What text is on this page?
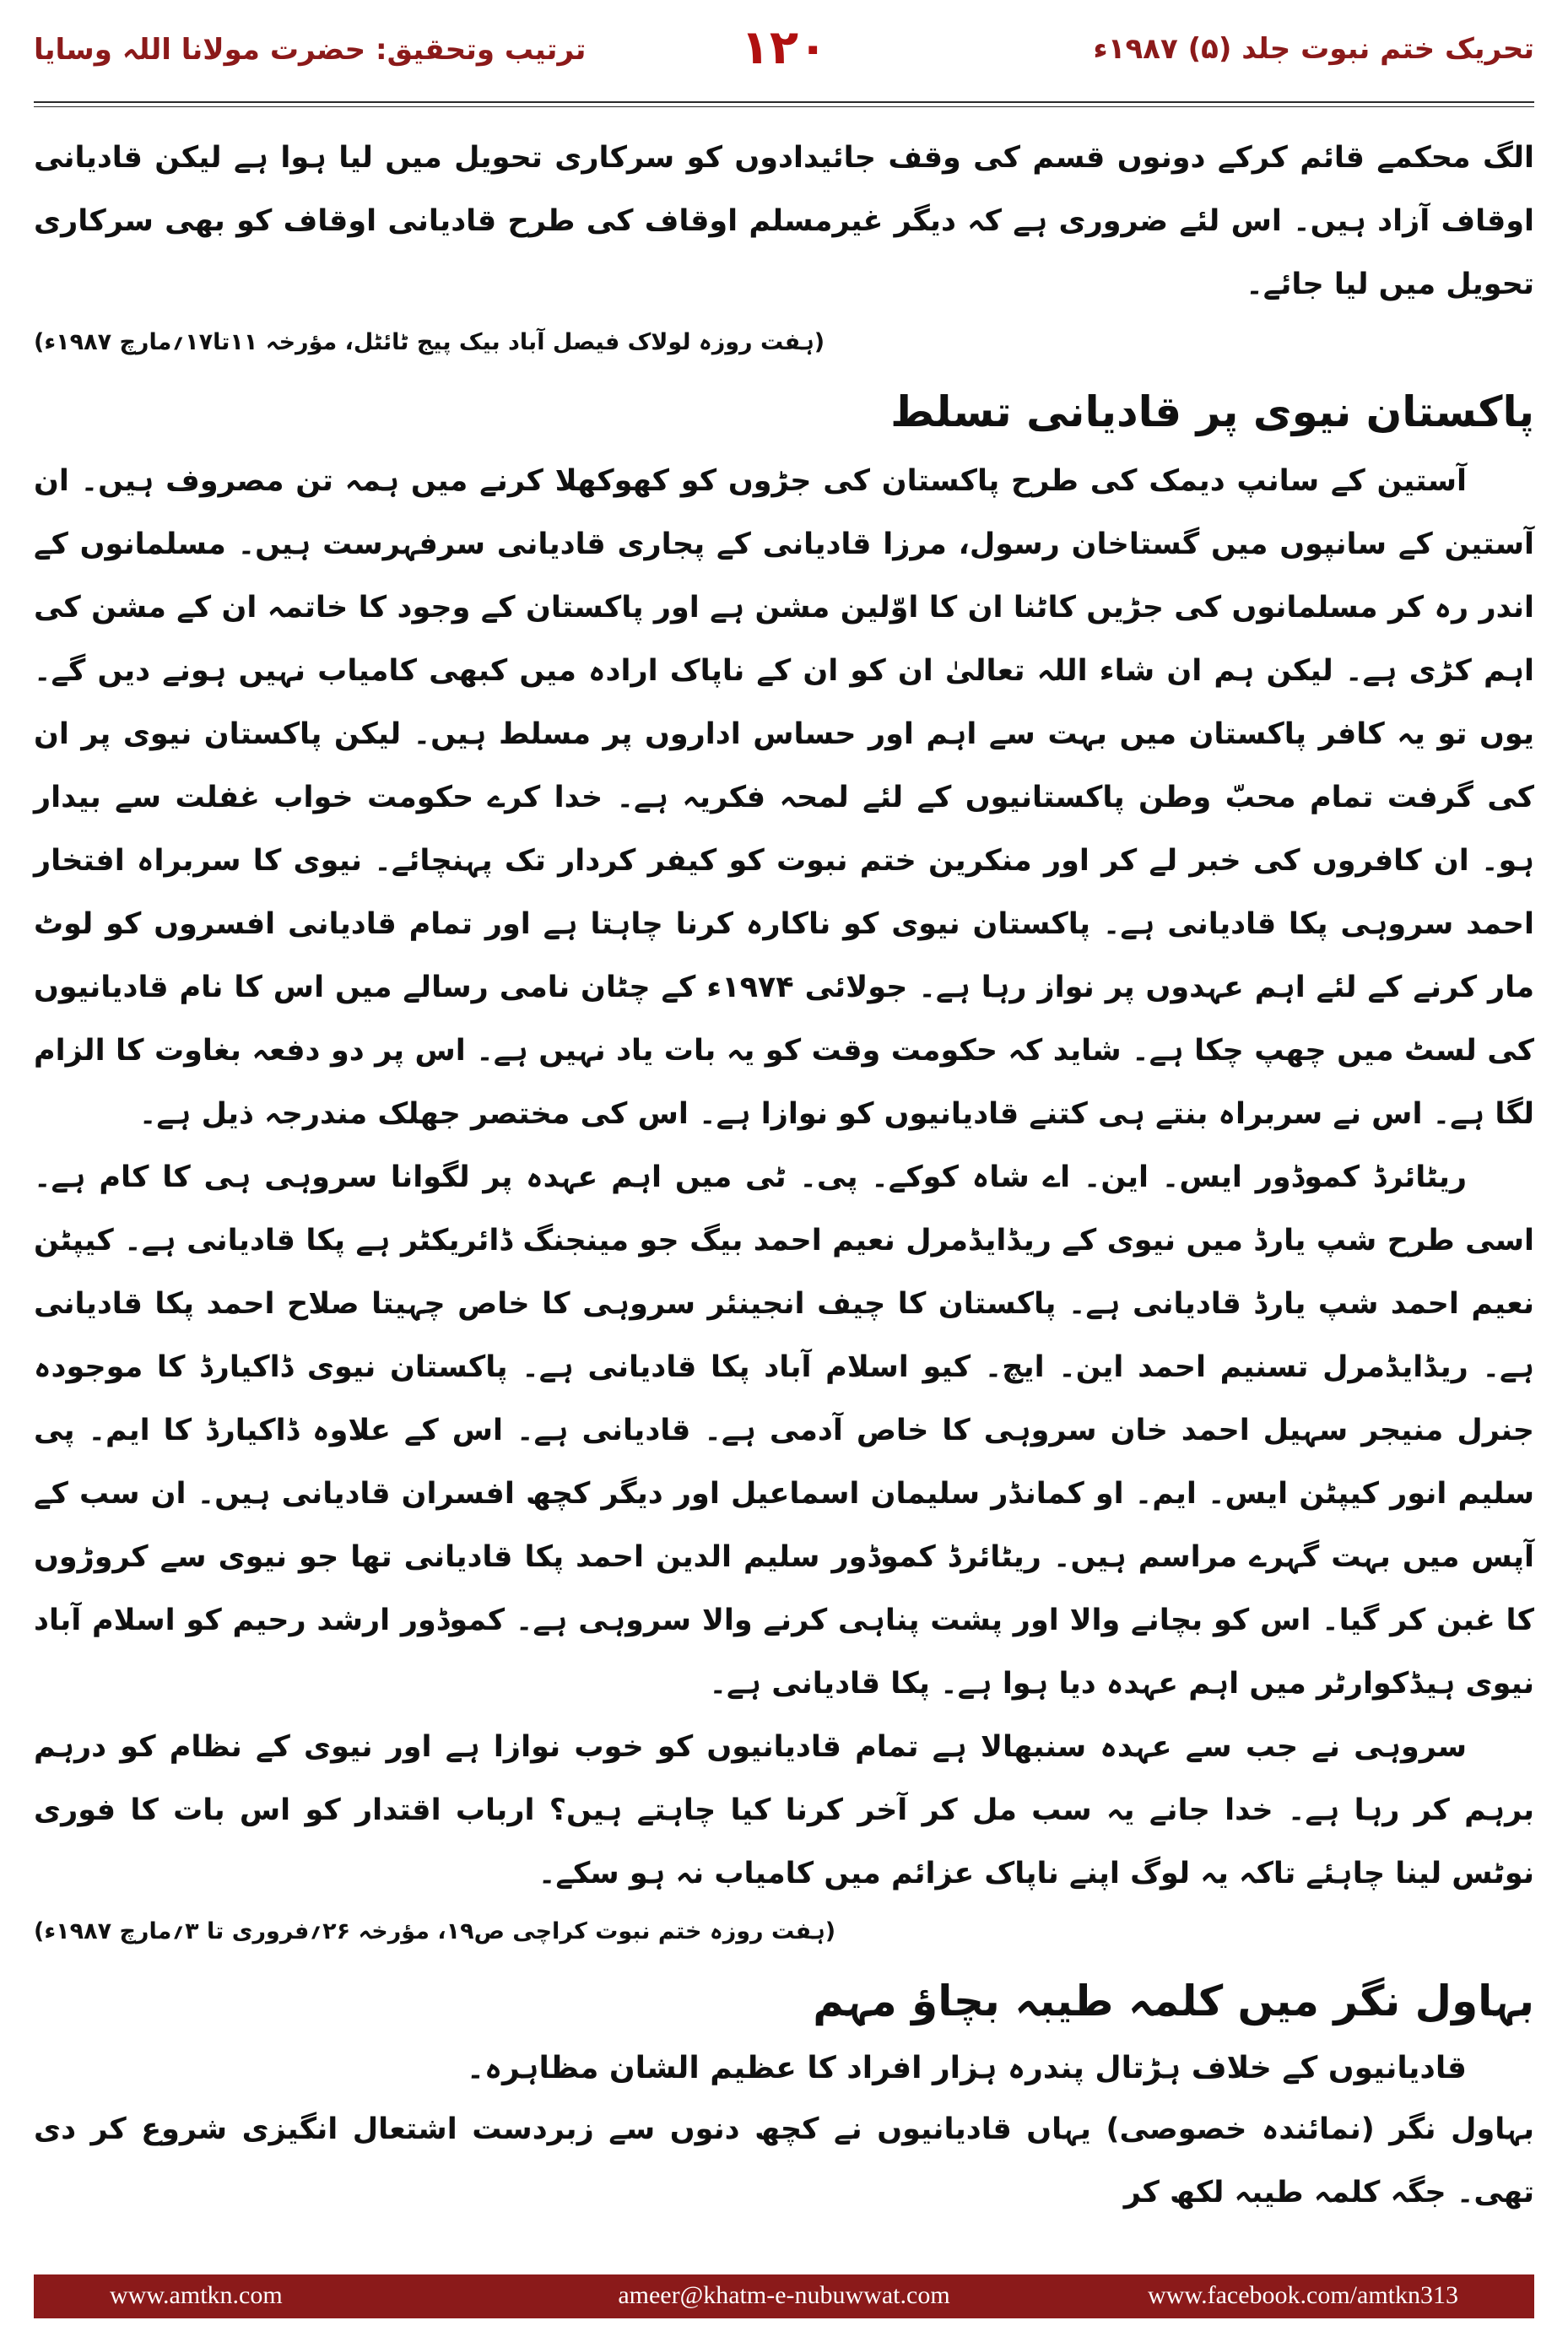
تحریک ختم نبوت جلد (۵) ۱۹۸۷ء
۱۲۰
ترتیب وتحقیق: حضرت مولانا اللہ وسایا

الگ محکمے قائم کرکے دونوں قسم کی وقف جائیدادوں کو سرکاری تحویل میں لیا ہوا ہے لیکن قادیانی اوقاف آزاد ہیں۔ اس لئے ضروری ہے کہ دیگر غیرمسلم اوقاف کی طرح قادیانی اوقاف کو بھی سرکاری تحویل میں لیا جائے۔

(ہفت روزہ لولاک فیصل آباد بیک پیج ٹائٹل، مؤرخہ ۱۱تا۱۷؍مارچ ۱۹۸۷ء)

پاکستان نیوی پر قادیانی تسلط

آستین کے سانپ دیمک کی طرح پاکستان کی جڑوں کو کھوکھلا کرنے میں ہمہ تن مصروف ہیں۔ ان آستین کے سانپوں میں گستاخان رسول، مرزا قادیانی کے پجاری قادیانی سرفہرست ہیں۔ مسلمانوں کے اندر رہ کر مسلمانوں کی جڑیں کاٹنا ان کا اوّلین مشن ہے اور پاکستان کے وجود کا خاتمہ ان کے مشن کی اہم کڑی ہے۔ لیکن ہم ان شاء اللہ تعالیٰ ان کو ان کے ناپاک ارادہ میں کبھی کامیاب نہیں ہونے دیں گے۔ یوں تو یہ کافر پاکستان میں بہت سے اہم اور حساس اداروں پر مسلط ہیں۔ لیکن پاکستان نیوی پر ان کی گرفت تمام محبّ وطن پاکستانیوں کے لئے لمحہ فکریہ ہے۔ خدا کرے حکومت خواب غفلت سے بیدار ہو۔ ان کافروں کی خبر لے کر اور منکرین ختم نبوت کو کیفر کردار تک پہنچائے۔ نیوی کا سربراہ افتخار احمد سروہی پکا قادیانی ہے۔ پاکستان نیوی کو ناکارہ کرنا چاہتا ہے اور تمام قادیانی افسروں کو لوٹ مار کرنے کے لئے اہم عہدوں پر نواز رہا ہے۔ جولائی ۱۹۷۴ء کے چٹان نامی رسالے میں اس کا نام قادیانیوں کی لسٹ میں چھپ چکا ہے۔ شاید کہ حکومت وقت کو یہ بات یاد نہیں ہے۔ اس پر دو دفعہ بغاوت کا الزام لگا ہے۔ اس نے سربراہ بنتے ہی کتنے قادیانیوں کو نوازا ہے۔ اس کی مختصر جھلک مندرجہ ذیل ہے۔

ریٹائرڈ کموڈور ایس۔ این۔ اے شاہ کوکے۔ پی۔ ٹی میں اہم عہدہ پر لگوانا سروہی ہی کا کام ہے۔ اسی طرح شپ یارڈ میں نیوی کے ریڈایڈمرل نعیم احمد بیگ جو مینجنگ ڈائریکٹر ہے پکا قادیانی ہے۔ کیپٹن نعیم احمد شپ یارڈ قادیانی ہے۔ پاکستان کا چیف انجینئر سروہی کا خاص چہیتا صلاح احمد پکا قادیانی ہے۔ ریڈایڈمرل تسنیم احمد این۔ ایچ۔ کیو اسلام آباد پکا قادیانی ہے۔ پاکستان نیوی ڈاکیارڈ کا موجودہ جنرل منیجر سہیل احمد خان سروہی کا خاص آدمی ہے۔ قادیانی ہے۔ اس کے علاوہ ڈاکیارڈ کا ایم۔ پی سلیم انور کیپٹن ایس۔ ایم۔ او کمانڈر سلیمان اسماعیل اور دیگر کچھ افسران قادیانی ہیں۔ ان سب کے آپس میں بہت گہرے مراسم ہیں۔ ریٹائرڈ کموڈور سلیم الدین احمد پکا قادیانی تھا جو نیوی سے کروڑوں کا غبن کر گیا۔ اس کو بچانے والا اور پشت پناہی کرنے والا سروہی ہے۔ کموڈور ارشد رحیم کو اسلام آباد نیوی ہیڈکوارٹر میں اہم عہدہ دیا ہوا ہے۔ پکا قادیانی ہے۔

سروہی نے جب سے عہدہ سنبھالا ہے تمام قادیانیوں کو خوب نوازا ہے اور نیوی کے نظام کو درہم برہم کر رہا ہے۔ خدا جانے یہ سب مل کر آخر کرنا کیا چاہتے ہیں؟ ارباب اقتدار کو اس بات کا فوری نوٹس لینا چاہئے تاکہ یہ لوگ اپنے ناپاک عزائم میں کامیاب نہ ہو سکے۔

(ہفت روزہ ختم نبوت کراچی ص۱۹، مؤرخہ ۲۶؍فروری تا ۳؍مارچ ۱۹۸۷ء)

بہاول نگر میں کلمہ طیبہ بچاؤ مہم

قادیانیوں کے خلاف ہڑتال پندرہ ہزار افراد کا عظیم الشان مظاہرہ۔

بہاول نگر (نمائندہ خصوصی) یہاں قادیانیوں نے کچھ دنوں سے زبردست اشتعال انگیزی شروع کر دی تھی۔ جگہ کلمہ طیبہ لکھ کر

www.amtkn.com	ameer@khatm-e-nubuwwat.com	www.facebook.com/amtkn313
